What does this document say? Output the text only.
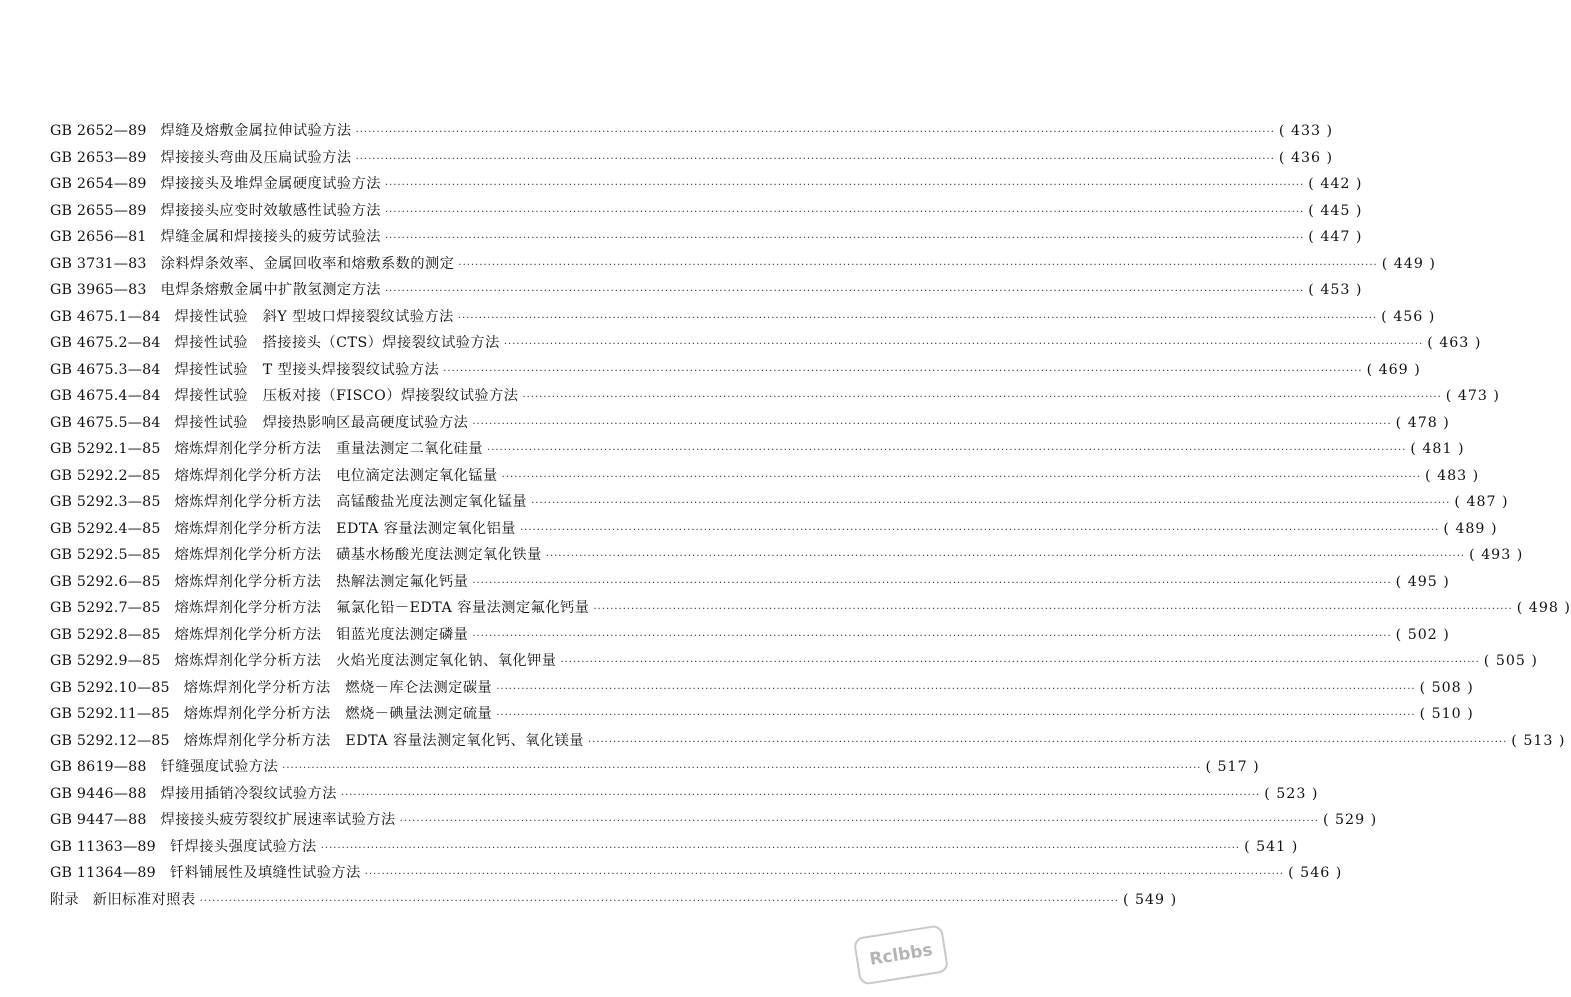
GB 2652—89 焊缝及熔敷金属拉伸试验方法 ···························································································································································································································· ( 433 )
GB 2653—89 焊接接头弯曲及压扁试验方法 ···························································································································································································································· ( 436 )
GB 2654—89 焊接接头及堆焊金属硬度试验方法 ···························································································································································································································· ( 442 )
GB 2655—89 焊接接头应变时效敏感性试验方法 ···························································································································································································································· ( 445 )
GB 2656—81 焊缝金属和焊接接头的疲劳试验法 ···························································································································································································································· ( 447 )
GB 3731—83 涂料焊条效率、金属回收率和熔敷系数的测定 ···························································································································································································································· ( 449 )
GB 3965—83 电焊条熔敷金属中扩散氢测定方法 ···························································································································································································································· ( 453 )
GB 4675.1—84 焊接性试验　斜Y 型坡口焊接裂纹试验方法 ···························································································································································································································· ( 456 )
GB 4675.2—84 焊接性试验　搭接接头（CTS）焊接裂纹试验方法 ···························································································································································································································· ( 463 )
GB 4675.3—84 焊接性试验　T 型接头焊接裂纹试验方法 ···························································································································································································································· ( 469 )
GB 4675.4—84 焊接性试验　压板对接（FISCO）焊接裂纹试验方法 ···························································································································································································································· ( 473 )
GB 4675.5—84 焊接性试验　焊接热影响区最高硬度试验方法 ···························································································································································································································· ( 478 )
GB 5292.1—85 熔炼焊剂化学分析方法　重量法测定二氧化硅量 ···························································································································································································································· ( 481 )
GB 5292.2—85 熔炼焊剂化学分析方法　电位滴定法测定氧化锰量 ···························································································································································································································· ( 483 )
GB 5292.3—85 熔炼焊剂化学分析方法　高锰酸盐光度法测定氧化锰量 ···························································································································································································································· ( 487 )
GB 5292.4—85 熔炼焊剂化学分析方法　EDTA 容量法测定氧化铝量 ···························································································································································································································· ( 489 )
GB 5292.5—85 熔炼焊剂化学分析方法　磺基水杨酸光度法测定氧化铁量 ···························································································································································································································· ( 493 )
GB 5292.6—85 熔炼焊剂化学分析方法　热解法测定氟化钙量 ···························································································································································································································· ( 495 )
GB 5292.7—85 熔炼焊剂化学分析方法　氟氯化铅－EDTA 容量法测定氟化钙量 ···························································································································································································································· ( 498 )
GB 5292.8—85 熔炼焊剂化学分析方法　钼蓝光度法测定磷量 ···························································································································································································································· ( 502 )
GB 5292.9—85 熔炼焊剂化学分析方法　火焰光度法测定氧化钠、氧化钾量 ···························································································································································································································· ( 505 )
GB 5292.10—85 熔炼焊剂化学分析方法　燃烧－库仑法测定碳量 ···························································································································································································································· ( 508 )
GB 5292.11—85 熔炼焊剂化学分析方法　燃烧－碘量法测定硫量 ···························································································································································································································· ( 510 )
GB 5292.12—85 熔炼焊剂化学分析方法　EDTA 容量法测定氧化钙、氧化镁量 ···························································································································································································································· ( 513 )
GB 8619—88 钎缝强度试验方法 ···························································································································································································································· ( 517 )
GB 9446—88 焊接用插销冷裂纹试验方法 ···························································································································································································································· ( 523 )
GB 9447—88 焊接接头疲劳裂纹扩展速率试验方法 ···························································································································································································································· ( 529 )
GB 11363—89 钎焊接头强度试验方法 ···························································································································································································································· ( 541 )
GB 11364—89 钎料铺展性及填缝性试验方法 ···························································································································································································································· ( 546 )
附录 新旧标准对照表 ···························································································································································································································· ( 549 )
Rclbbs
